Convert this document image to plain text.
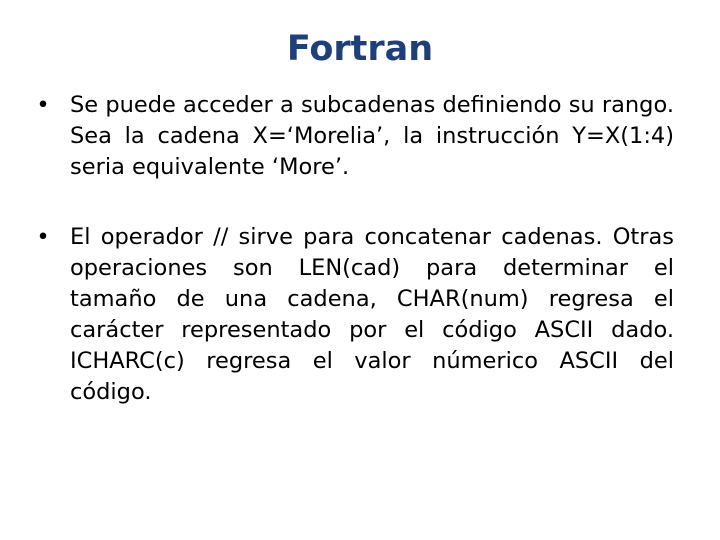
Fortran
• Se puede acceder a subcadenas definiendo su rango. Sea la cadena X=‘Morelia’, la instrucción Y=X(1:4) seria equivalente ‘More’.
• El operador // sirve para concatenar cadenas. Otras operaciones son LEN(cad) para determinar el tamaño de una cadena, CHAR(num) regresa el carácter representado por el código ASCII dado. ICHARC(c) regresa el valor númerico ASCII del código.
